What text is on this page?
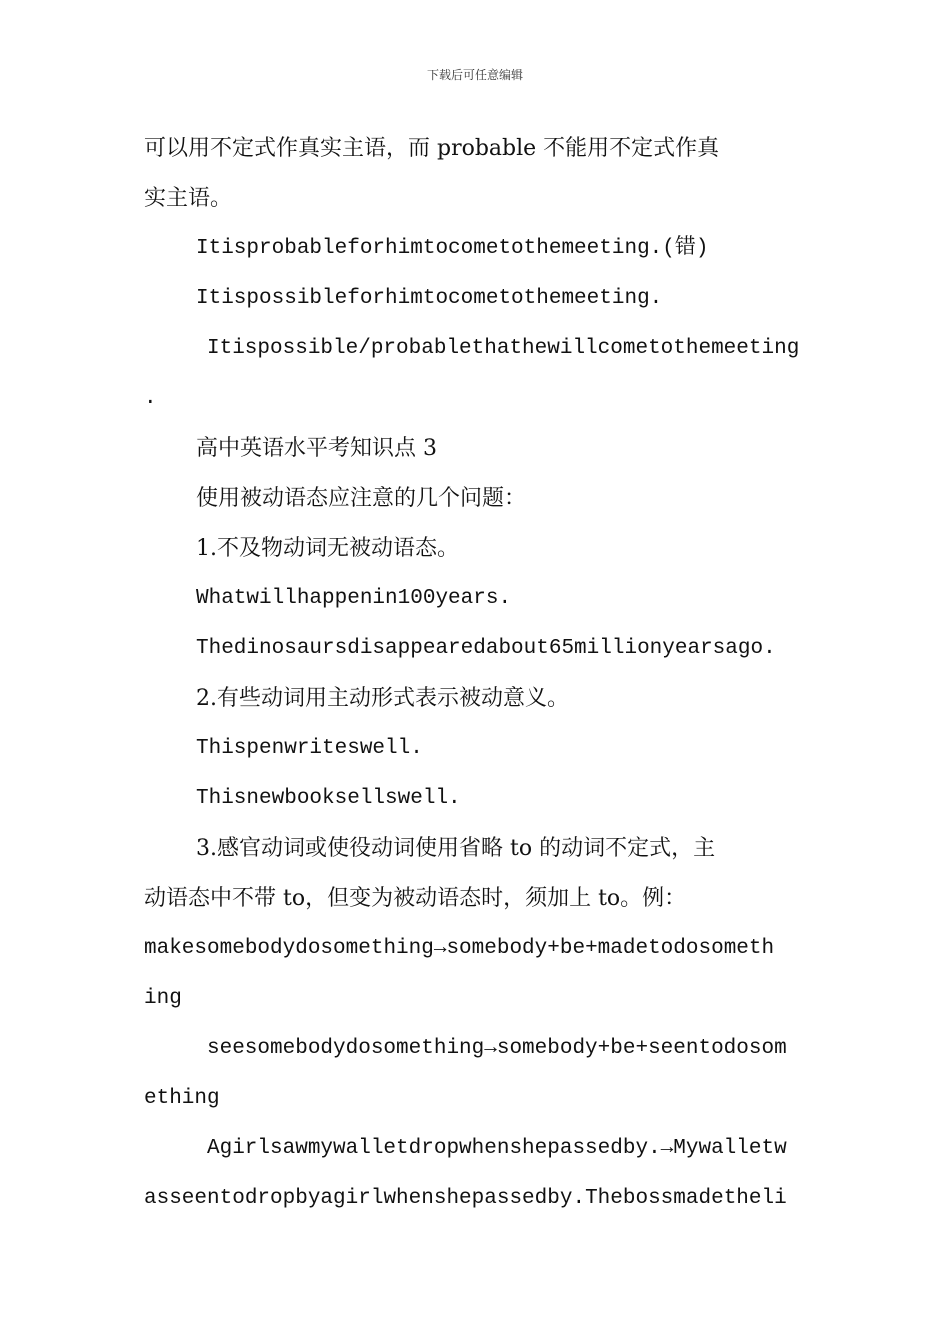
下载后可任意编辑
可以用不定式作真实主语，而 probable 不能用不定式作真
实主语。
Itisprobableforhimtocometothemeeting.(错)
Itispossibleforhimtocometothemeeting.
Itispossible/probablethathewillcometothemeeting
.
高中英语水平考知识点 3
使用被动语态应注意的几个问题：
1.不及物动词无被动语态。
Whatwillhappenin100years.
Thedinosaursdisappearedabout65millionyearsago.
2.有些动词用主动形式表示被动意义。
Thispenwriteswell.
Thisnewbooksellswell.
3.感官动词或使役动词使用省略 to 的动词不定式，主
动语态中不带 to，但变为被动语态时，须加上 to。例：
makesomebodydosomething→somebody+be+madetodosometh
ing
seesomebodydosomething→somebody+be+seentodosom
ething
Agirlsawmywalletdropwhenshepassedby.→Mywalletw
asseentodropbyagirlwhenshepassedby.Thebossmadetheli
